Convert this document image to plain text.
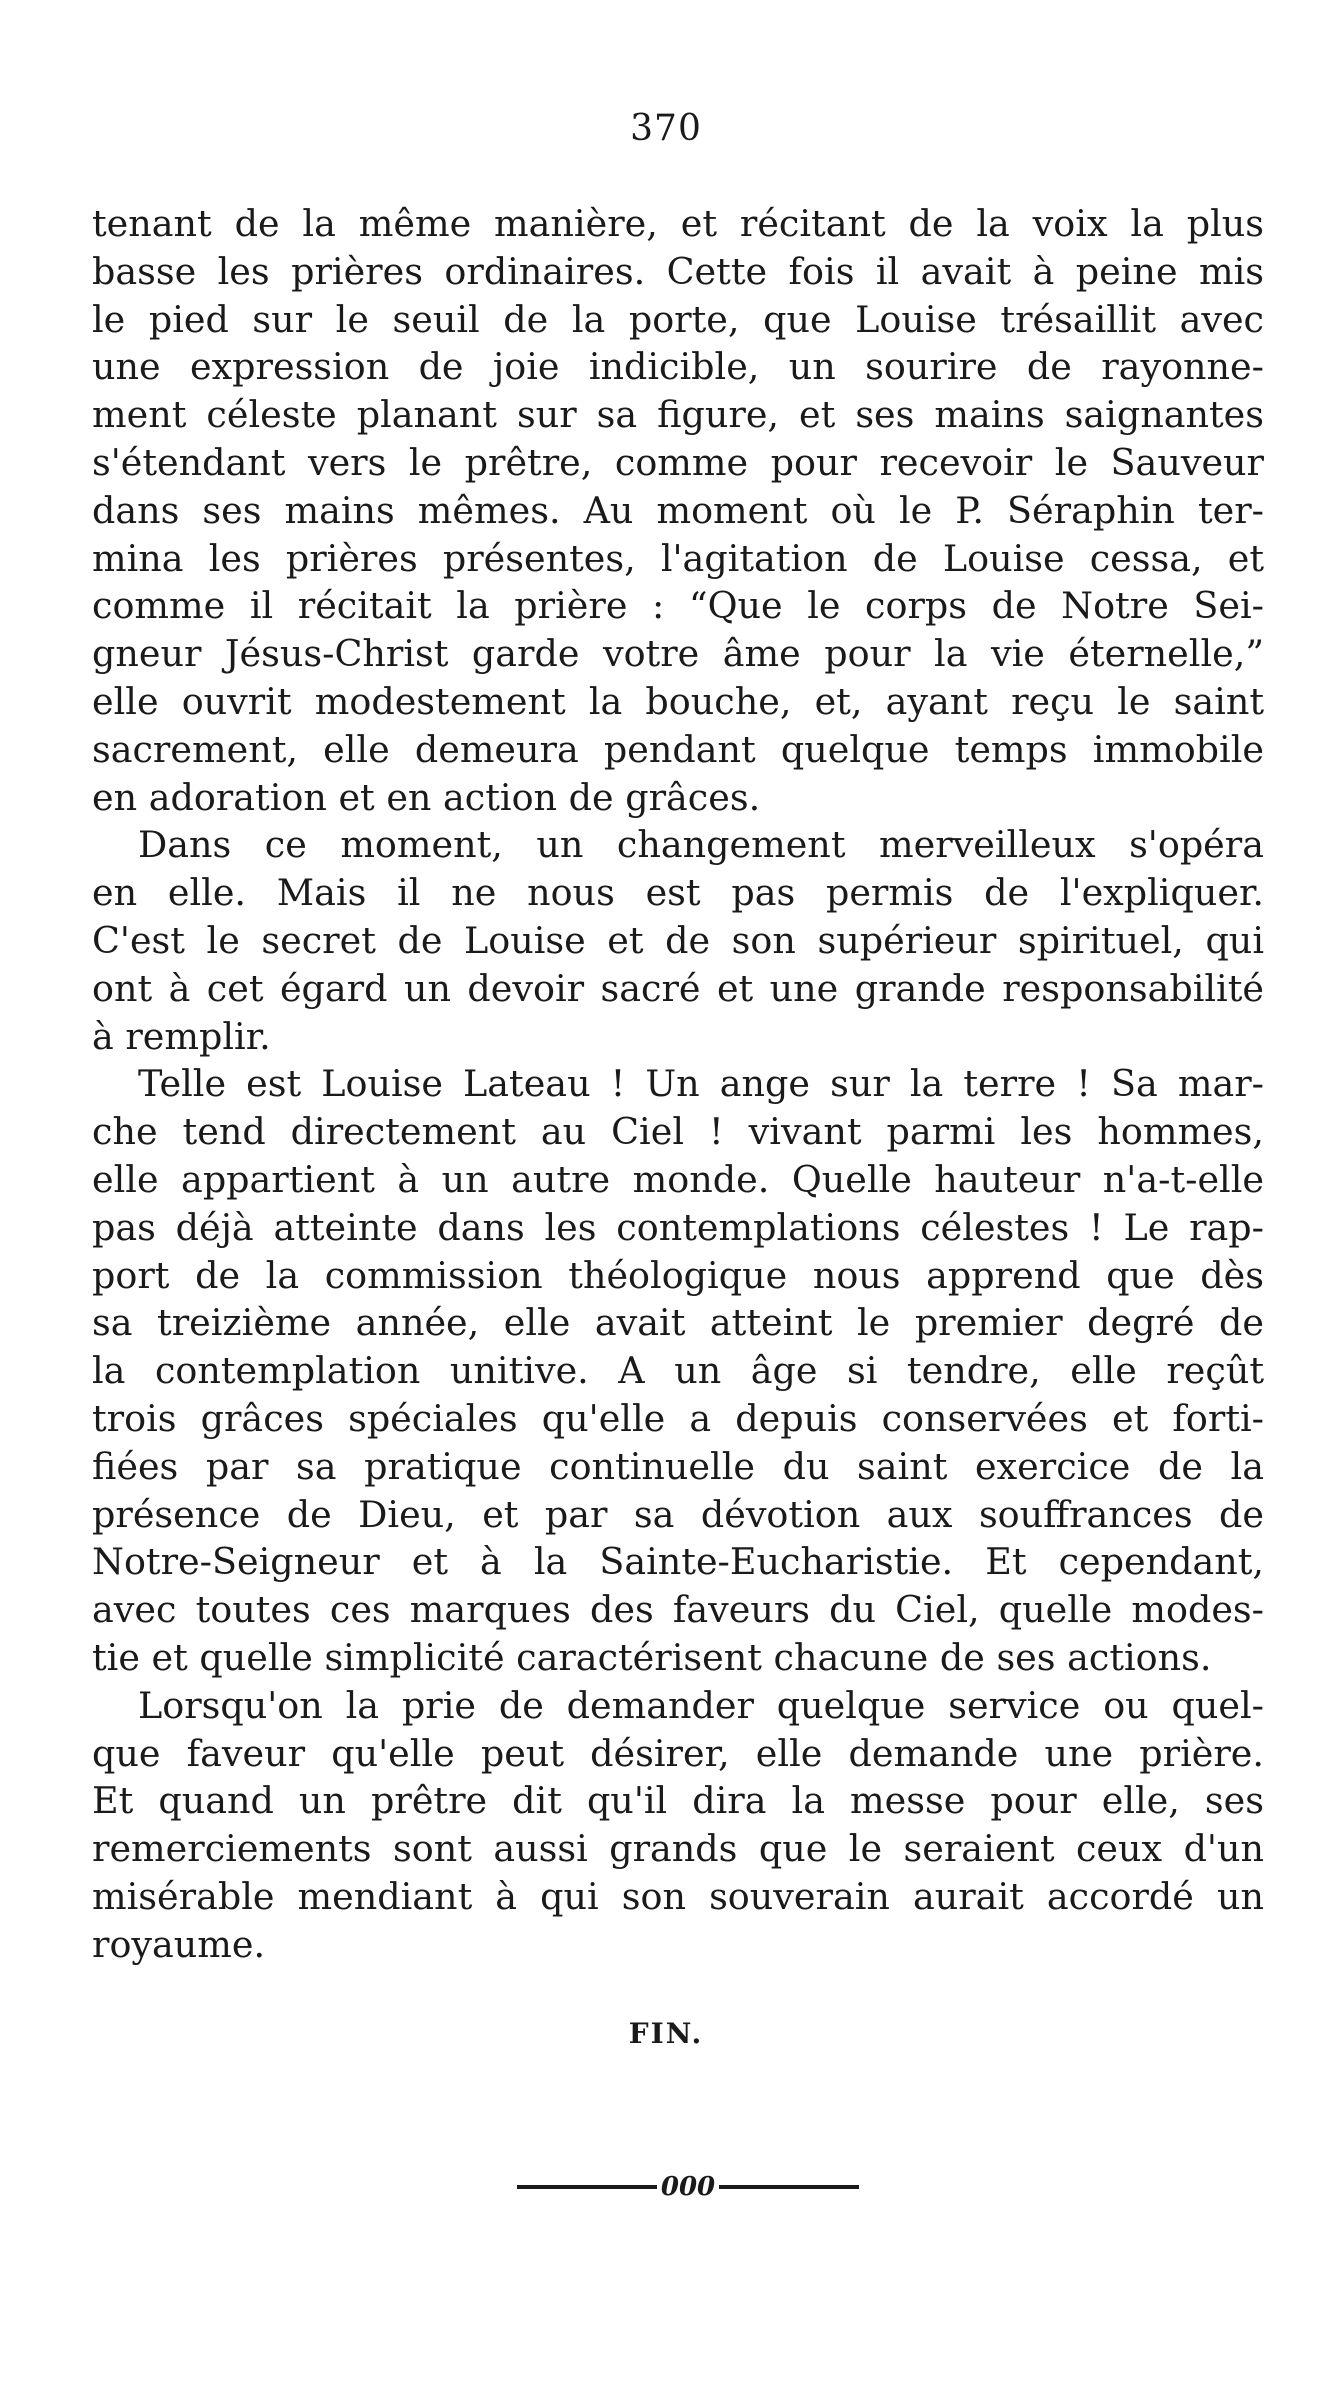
370

tenant de la même manière, et récitant de la voix la plus
basse les prières ordinaires. Cette fois il avait à peine mis
le pied sur le seuil de la porte, que Louise trésaillit avec
une expression de joie indicible, un sourire de rayonne-
ment céleste planant sur sa figure, et ses mains saignantes
s'étendant vers le prêtre, comme pour recevoir le Sauveur
dans ses mains mêmes. Au moment où le P. Séraphin ter-
mina les prières présentes, l'agitation de Louise cessa, et
comme il récitait la prière : “Que le corps de Notre Sei-
gneur Jésus-Christ garde votre âme pour la vie éternelle,”
elle ouvrit modestement la bouche, et, ayant reçu le saint
sacrement, elle demeura pendant quelque temps immobile
en adoration et en action de grâces.

Dans ce moment, un changement merveilleux s'opéra
en elle. Mais il ne nous est pas permis de l'expliquer.
C'est le secret de Louise et de son supérieur spirituel, qui
ont à cet égard un devoir sacré et une grande responsabilité
à remplir.

Telle est Louise Lateau ! Un ange sur la terre ! Sa mar-
che tend directement au Ciel ! vivant parmi les hommes,
elle appartient à un autre monde. Quelle hauteur n'a-t-elle
pas déjà atteinte dans les contemplations célestes ! Le rap-
port de la commission théologique nous apprend que dès
sa treizième année, elle avait atteint le premier degré de
la contemplation unitive. A un âge si tendre, elle reçût
trois grâces spéciales qu'elle a depuis conservées et forti-
fiées par sa pratique continuelle du saint exercice de la
présence de Dieu, et par sa dévotion aux souffrances de
Notre-Seigneur et à la Sainte-Eucharistie. Et cependant,
avec toutes ces marques des faveurs du Ciel, quelle modes-
tie et quelle simplicité caractérisent chacune de ses actions.

Lorsqu'on la prie de demander quelque service ou quel-
que faveur qu'elle peut désirer, elle demande une prière.
Et quand un prêtre dit qu'il dira la messe pour elle, ses
remerciements sont aussi grands que le seraient ceux d'un
misérable mendiant à qui son souverain aurait accordé un
royaume.

FIN.
000
